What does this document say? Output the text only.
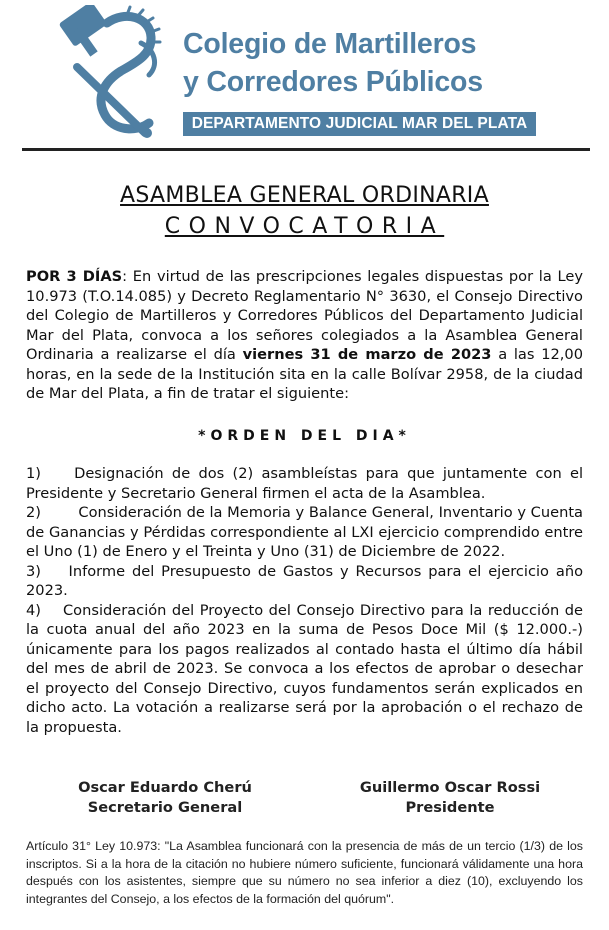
Colegio de Martilleros
y Corredores Públicos
DEPARTAMENTO JUDICIAL MAR DEL PLATA
ASAMBLEA GENERAL ORDINARIA
CONVOCATORIA
POR 3 DÍAS: En virtud de las prescripciones legales dispuestas por la Ley 10.973 (T.O.14.085) y Decreto Reglamentario N° 3630, el Consejo Directivo del Colegio de Martilleros y Corredores Públicos del Departamento Judicial Mar del Plata, convoca a los señores colegiados a la Asamblea General Ordinaria a realizarse el día viernes 31 de marzo de 2023 a las 12,00 horas, en la sede de la Institución sita en la calle Bolívar 2958, de la ciudad de Mar del Plata, a fin de tratar el siguiente:
*ORDEN DEL DIA*

1) Designación de dos (2) asambleístas para que juntamente con el Presidente y Secretario General firmen el acta de la Asamblea.

2)	Consideración de la Memoria y Balance General, Inventario y Cuenta de Ganancias y Pérdidas correspondiente al LXI ejercicio comprendido entre el Uno (1) de Enero y el Treinta y Uno (31) de Diciembre de 2022.

3) Informe del Presupuesto de Gastos y Recursos para el ejercicio año 2023.

4) Consideración del Proyecto del Consejo Directivo para la reducción de la cuota anual del año 2023 en la suma de Pesos Doce Mil ($ 12.000.-) únicamente para los pagos realizados al contado hasta el último día hábil del mes de abril de 2023. Se convoca a los efectos de aprobar o desechar el proyecto del Consejo Directivo, cuyos fundamentos serán explicados en dicho acto. La votación a realizarse será por la aprobación o el rechazo de la propuesta.

Oscar Eduardo Cherú
Secretario General
Guillermo Oscar Rossi
Presidente
Artículo 31° Ley 10.973: "La Asamblea funcionará con la presencia de más de un tercio (1/3) de los inscriptos. Si a la hora de la citación no hubiere número suficiente, funcionará válidamente una hora después con los asistentes, siempre que su número no sea inferior a diez (10), excluyendo los integrantes del Consejo, a los efectos de la formación del quórum".
